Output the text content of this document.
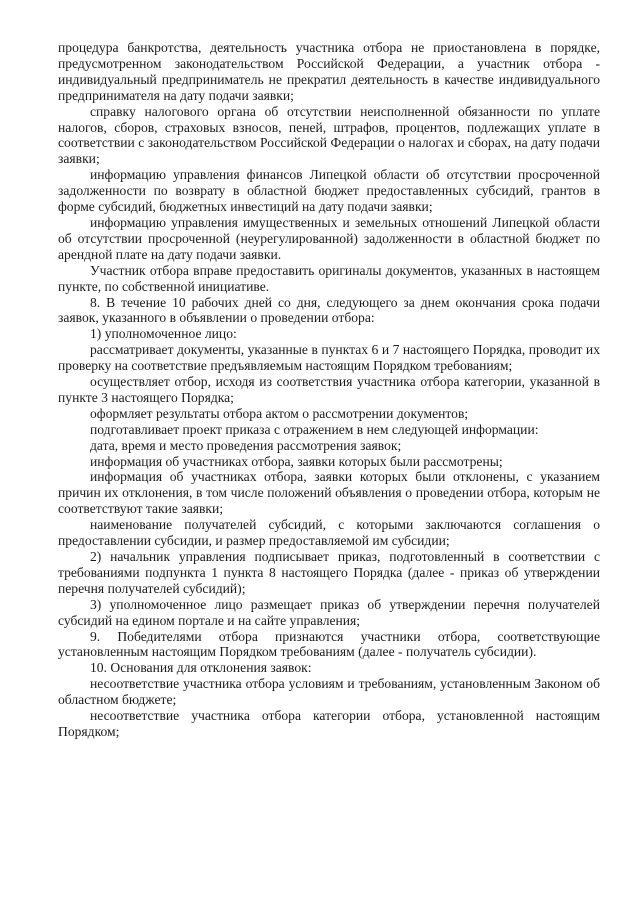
процедура банкротства, деятельность участника отбора не приостановлена в порядке, предусмотренном законодательством Российской Федерации, а участник отбора - индивидуальный предприниматель не прекратил деятельность в качестве индивидуального предпринимателя на дату подачи заявки;

справку налогового органа об отсутствии неисполненной обязанности по уплате налогов, сборов, страховых взносов, пеней, штрафов, процентов, подлежащих уплате в соответствии с законодательством Российской Федерации о налогах и сборах, на дату подачи заявки;

информацию управления финансов Липецкой области об отсутствии просроченной задолженности по возврату в областной бюджет предоставленных субсидий, грантов в форме субсидий, бюджетных инвестиций на дату подачи заявки;

информацию управления имущественных и земельных отношений Липецкой области об отсутствии просроченной (неурегулированной) задолженности в областной бюджет по арендной плате на дату подачи заявки.

Участник отбора вправе предоставить оригиналы документов, указанных в настоящем пункте, по собственной инициативе.

8. В течение 10 рабочих дней со дня, следующего за днем окончания срока подачи заявок, указанного в объявлении о проведении отбора:

1) уполномоченное лицо:

рассматривает документы, указанные в пунктах 6 и 7 настоящего Порядка, проводит их проверку на соответствие предъявляемым настоящим Порядком требованиям;

осуществляет отбор, исходя из соответствия участника отбора категории, указанной в пункте 3 настоящего Порядка;

оформляет результаты отбора актом о рассмотрении документов;

подготавливает проект приказа с отражением в нем следующей информации:

дата, время и место проведения рассмотрения заявок;

информация об участниках отбора, заявки которых были рассмотрены;

информация об участниках отбора, заявки которых были отклонены, с указанием причин их отклонения, в том числе положений объявления о проведении отбора, которым не соответствуют такие заявки;

наименование получателей субсидий, с которыми заключаются соглашения о предоставлении субсидии, и размер предоставляемой им субсидии;

2) начальник управления подписывает приказ, подготовленный в соответствии с требованиями подпункта 1 пункта 8 настоящего Порядка (далее - приказ об утверждении перечня получателей субсидий);

3) уполномоченное лицо размещает приказ об утверждении перечня получателей субсидий на едином портале и на сайте управления;

9. Победителями отбора признаются участники отбора, соответствующие установленным настоящим Порядком требованиям (далее - получатель субсидии).

10. Основания для отклонения заявок:

несоответствие участника отбора условиям и требованиям, установленным Законом об областном бюджете;

несоответствие участника отбора категории отбора, установленной настоящим Порядком;
